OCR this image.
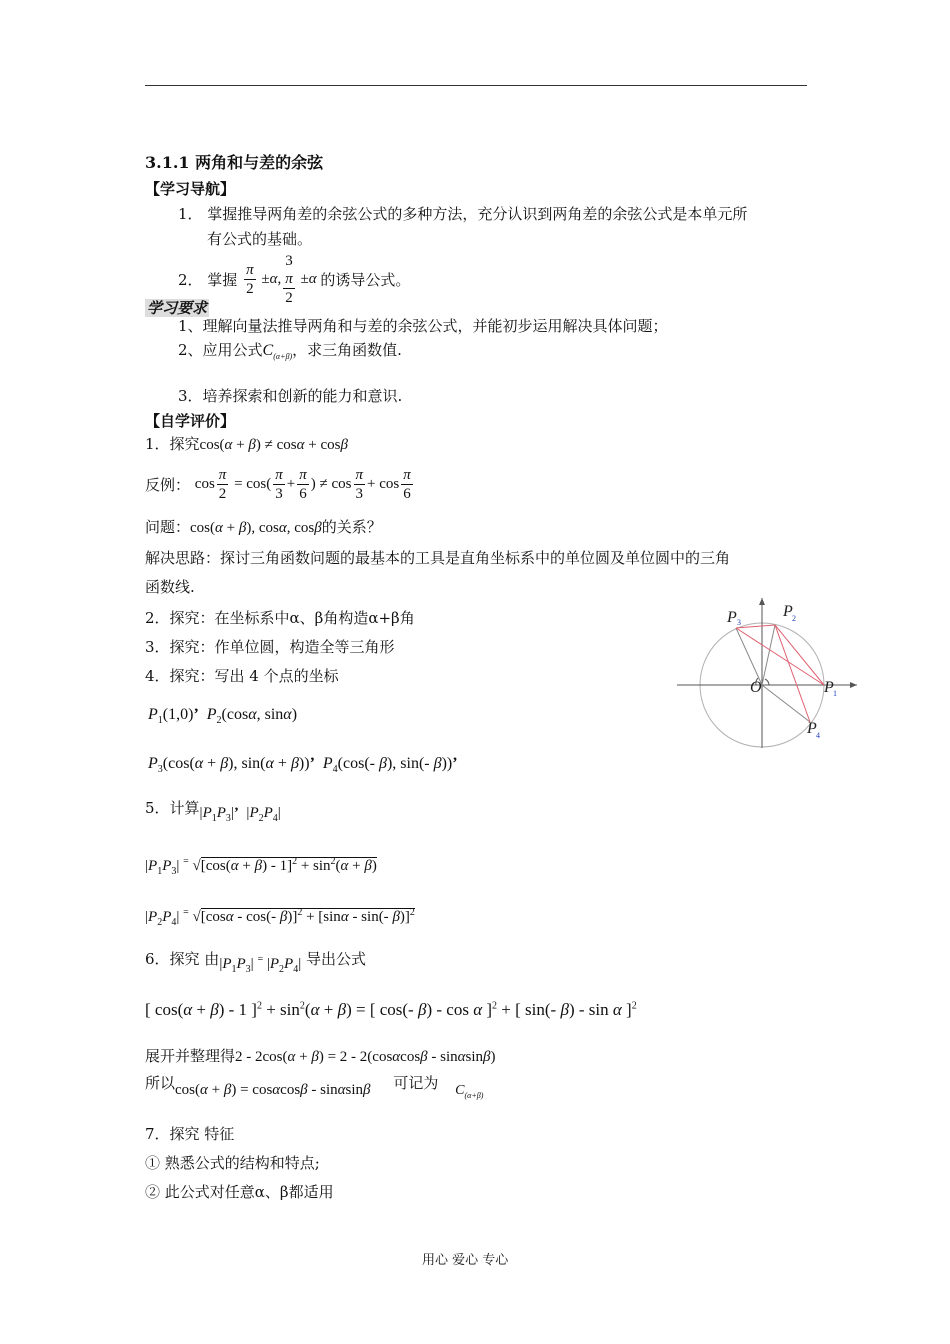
3.1.1 两角和与差的余弦
【学习导航】
1． 掌握推导两角差的余弦公式的多种方法，充分认识到两角差的余弦公式是本单元所
有公式的基础。
2． 掌握 $\frac{\pi}{2} \pm\alpha$, 3
π
2 ±α 的诱导公式。
学习要求
1、理解向量法推导两角和与差的余弦公式，并能初步运用解决具体问题；
2、应用公式$C_{(\alpha+\beta)}$，求三角函数值.
3．培养探索和创新的能力和意识.
【自学评价】
1．探究cos(α + β) ≠ cosα + cosβ
反例： $\cos \frac{\pi}{2} = \cos( \frac{\pi}{3} + \frac{\pi}{6}$ ) ≠ $\cos \frac{\pi}{3} + \cos \frac{\pi}{6}$
问题：cos(α + β), cosα, cosβ的关系？
解决思路：探讨三角函数问题的最基本的工具是直角坐标系中的单位圆及单位圆中的三角
函数线.
2．探究：在坐标系中α、β角构造α+β角
3．探究：作单位圆，构造全等三角形
4．探究：写出 4 个点的坐标
$P_1(1,0)$’ $P_2(\cos\alpha$, sinα)
$P_3(\cos(\alpha + \beta)$, sin(α + β))’ $P_4(\cos(-$ β), sin(- β))’
5．计算$|P_1P_3|$’  $|P_2P_4|$
$|P_1P_3|$ = $√[\cos(\alpha + \beta) - 1]^2 + \sin^2(\alpha + \beta)$
$|P_2P_4|$ = √[cosα - cos(- β)]$^2$ + [sinα - sin(- β)]$^2$
6．探究 由$|P_1P_3|$ = $|P_2P_4|$ 导出公式
[ cos(α + β) - 1 ]$^2 + \sin^2(\alpha + \beta)$ = [ cos(- β) - cos α ]$^2$ + [ sin(- β) - sin α ]$^2$
展开并整理得2 - 2cos(α + β) = 2 - 2(cosαcosβ - sinαsinβ)
所以cos(α + β) = cosαcosβ - sinαsinβ 可记为 $C_{(\alpha+\beta)}$
7．探究 特征
① 熟悉公式的结构和特点;
② 此公式对任意α、β都适用
P 3
P 2
O	P 1
P 4
用心 爱心 专心
